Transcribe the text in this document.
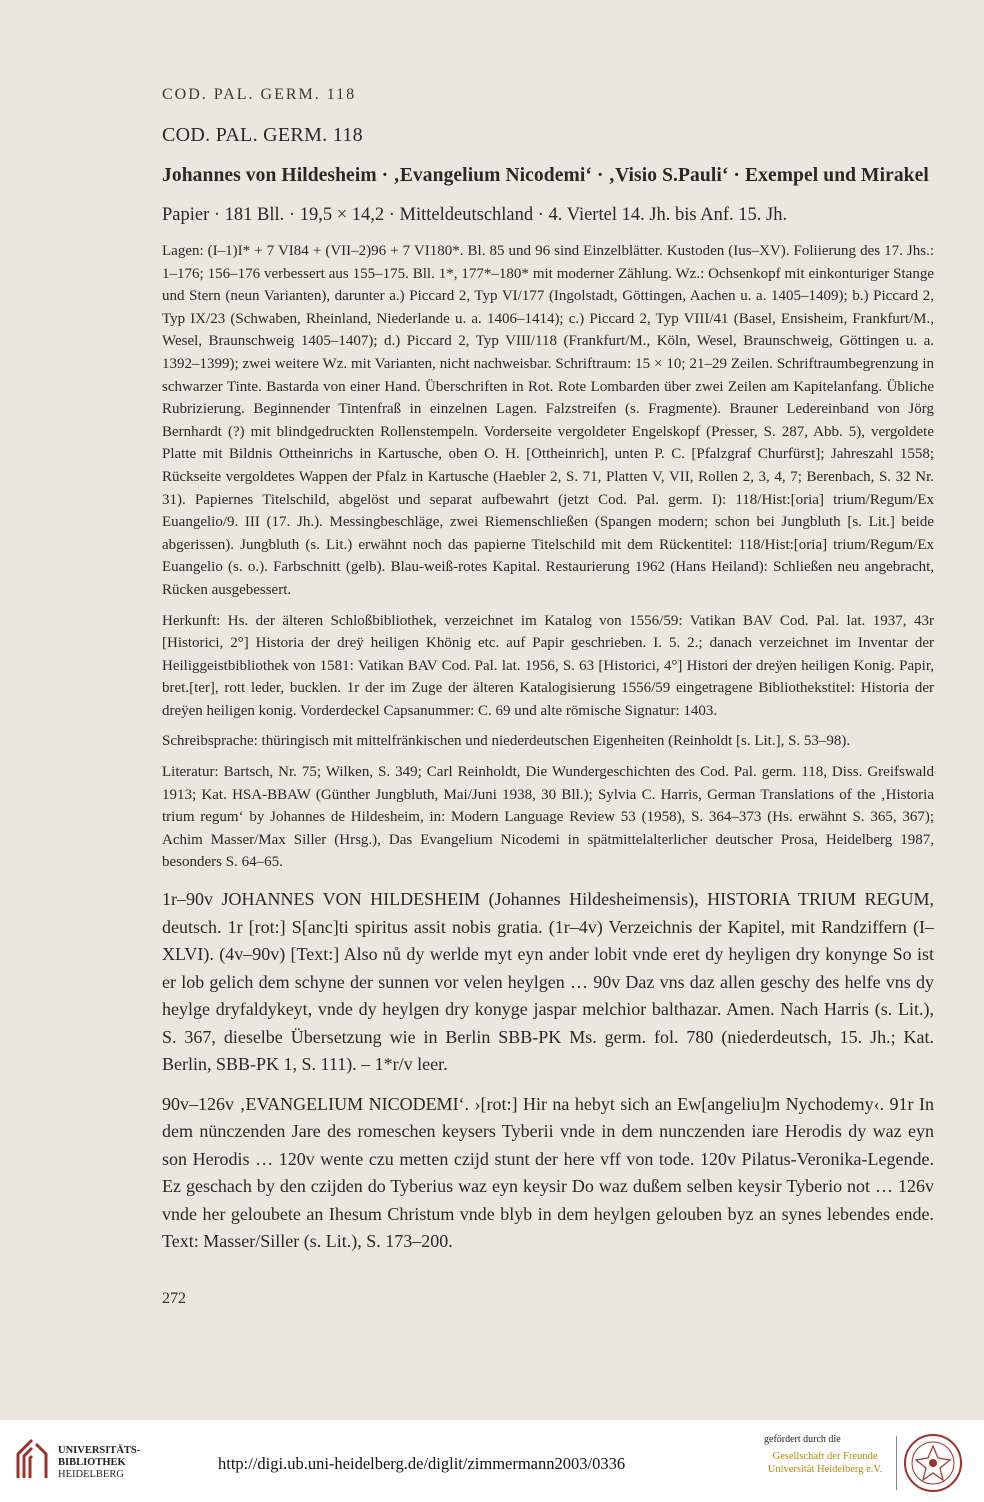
COD. PAL. GERM. 118
COD. PAL. GERM. 118
Johannes von Hildesheim · ‚Evangelium Nicodemi‘ · ‚Visio S.Pauli‘ · Exempel und Mirakel
Papier · 181 Bll. · 19,5 × 14,2 · Mitteldeutschland · 4. Viertel 14. Jh. bis Anf. 15. Jh.

Lagen: (I–1)I* + 7 VI84 + (VII–2)96 + 7 VI180*. Bl. 85 und 96 sind Einzelblätter. Kustoden (Ius–XV). Foliierung des 17. Jhs.: 1–176; 156–176 verbessert aus 155–175. Bll. 1*, 177*–180* mit moderner Zählung. Wz.: Ochsenkopf mit einkonturiger Stange und Stern (neun Varianten), darunter a.) Piccard 2, Typ VI/177 (Ingolstadt, Göttingen, Aachen u. a. 1405–1409); b.) Piccard 2, Typ IX/23 (Schwaben, Rheinland, Niederlande u. a. 1406–1414); c.) Piccard 2, Typ VIII/41 (Basel, Ensisheim, Frankfurt/M., Wesel, Braunschweig 1405–1407); d.) Piccard 2, Typ VIII/118 (Frankfurt/M., Köln, Wesel, Braunschweig, Göttingen u. a. 1392–1399); zwei weitere Wz. mit Varianten, nicht nachweisbar. Schriftraum: 15 × 10; 21–29 Zeilen. Schriftraumbegrenzung in schwarzer Tinte. Bastarda von einer Hand. Überschriften in Rot. Rote Lombarden über zwei Zeilen am Kapitelanfang. Übliche Rubrizierung. Beginnender Tintenfraß in einzelnen Lagen. Falzstreifen (s. Fragmente). Brauner Ledereinband von Jörg Bernhardt (?) mit blindgedruckten Rollenstempeln. Vorderseite vergoldeter Engelskopf (Presser, S. 287, Abb. 5), vergoldete Platte mit Bildnis Ottheinrichs in Kartusche, oben O. H. [Ottheinrich], unten P. C. [Pfalzgraf Churfürst]; Jahreszahl 1558; Rückseite vergoldetes Wappen der Pfalz in Kartusche (Haebler 2, S. 71, Platten V, VII, Rollen 2, 3, 4, 7; Berenbach, S. 32 Nr. 31). Papiernes Titelschild, abgelöst und separat aufbewahrt (jetzt Cod. Pal. germ. I): 118/Hist:[oria] trium/Regum/Ex Euangelio/9. III (17. Jh.). Messingbeschläge, zwei Riemenschließen (Spangen modern; schon bei Jungbluth [s. Lit.] beide abgerissen). Jungbluth (s. Lit.) erwähnt noch das papierne Titelschild mit dem Rückentitel: 118/Hist:[oria] trium/Regum/Ex Euangelio (s. o.). Farbschnitt (gelb). Blau-weiß-rotes Kapital. Restaurierung 1962 (Hans Heiland): Schließen neu angebracht, Rücken ausgebessert.

Herkunft: Hs. der älteren Schloßbibliothek, verzeichnet im Katalog von 1556/59: Vatikan BAV Cod. Pal. lat. 1937, 43r [Historici, 2°] Historia der dreÿ heiligen Khönig etc. auf Papir geschrieben. I. 5. 2.; danach verzeichnet im Inventar der Heiliggeistbibliothek von 1581: Vatikan BAV Cod. Pal. lat. 1956, S. 63 [Historici, 4°] Histori der dreÿen heiligen Konig. Papir, bret.[ter], rott leder, bucklen. 1r der im Zuge der älteren Katalogisierung 1556/59 eingetragene Bibliothekstitel: Historia der dreÿen heiligen konig. Vorderdeckel Capsanummer: C. 69 und alte römische Signatur: 1403.

Schreibsprache: thüringisch mit mittelfränkischen und niederdeutschen Eigenheiten (Reinholdt [s. Lit.], S. 53–98).

Literatur: Bartsch, Nr. 75; Wilken, S. 349; Carl Reinholdt, Die Wundergeschichten des Cod. Pal. germ. 118, Diss. Greifswald 1913; Kat. HSA-BBAW (Günther Jungbluth, Mai/Juni 1938, 30 Bll.); Sylvia C. Harris, German Translations of the ‚Historia trium regum‘ by Johannes de Hildesheim, in: Modern Language Review 53 (1958), S. 364–373 (Hs. erwähnt S. 365, 367); Achim Masser/Max Siller (Hrsg.), Das Evangelium Nicodemi in spätmittelalterlicher deutscher Prosa, Heidelberg 1987, besonders S. 64–65.

1r–90v JOHANNES VON HILDESHEIM (Johannes Hildesheimensis), HISTORIA TRIUM REGUM, deutsch. 1r [rot:] S[anc]ti spiritus assit nobis gratia. (1r–4v) Verzeichnis der Kapitel, mit Randziffern (I–XLVI). (4v–90v) [Text:] Also nů dy werlde myt eyn ander lobit vnde eret dy heyligen dry konynge So ist er lob gelich dem schyne der sunnen vor velen heylgen … 90v Daz vns daz allen geschy des helfe vns dy heylge dryfaldykeyt, vnde dy heylgen dry konyge jaspar melchior balthazar. Amen. Nach Harris (s. Lit.), S. 367, dieselbe Übersetzung wie in Berlin SBB-PK Ms. germ. fol. 780 (niederdeutsch, 15. Jh.; Kat. Berlin, SBB-PK 1, S. 111). – 1*r/v leer.

90v–126v ‚EVANGELIUM NICODEMI‘. ›[rot:] Hir na hebyt sich an Ew[angeliu]m Nychodemy‹. 91r In dem nünczenden Jare des romeschen keysers Tyberii vnde in dem nunczenden iare Herodis dy waz eyn son Herodis … 120v wente czu metten czijd stunt der here vff von tode. 120v Pilatus-Veronika-Legende. Ez geschach by den czijden do Tyberius waz eyn keysir Do waz dußem selben keysir Tyberio not … 126v vnde her geloubete an Ihesum Christum vnde blyb in dem heylgen gelouben byz an synes lebendes ende. Text: Masser/Siller (s. Lit.), S. 173–200.

272
UNIVERSITÄTS-
BIBLIOTHEK
HEIDELBERG
http://digi.ub.uni-heidelberg.de/diglit/zimmermann2003/0336
gefördert durch die
Gesellschaft der Freunde
Universität Heidelberg e.V.
